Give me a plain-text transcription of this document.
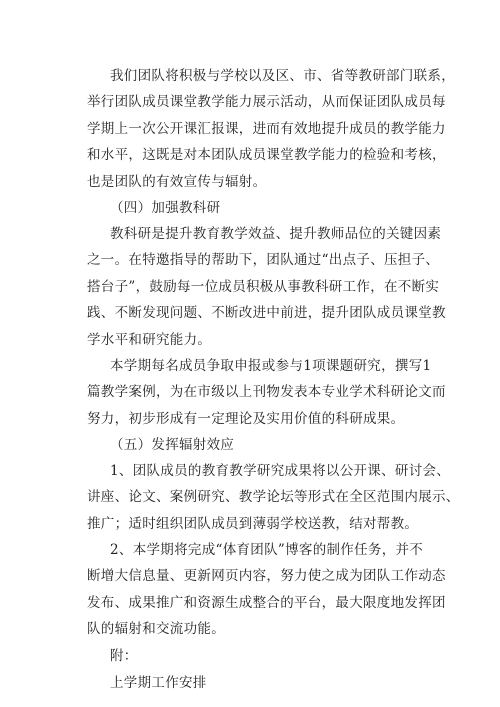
我们团队将积极与学校以及区、市、省等教研部门联系，
举行团队成员课堂教学能力展示活动，从而保证团队成员每
学期上一次公开课汇报课，进而有效地提升成员的教学能力
和水平，这既是对本团队成员课堂教学能力的检验和考核，
也是团队的有效宣传与辐射。
（四）加强教科研
教科研是提升教育教学效益、提升教师品位的关键因素
之一。在特邀指导的帮助下，团队通过“出点子、压担子、
搭台子”，鼓励每一位成员积极从事教科研工作，在不断实
践、不断发现问题、不断改进中前进，提升团队成员课堂教
学水平和研究能力。
本学期每名成员争取申报或参与1项课题研究，撰写1
篇教学案例，为在市级以上刊物发表本专业学术科研论文而
努力，初步形成有一定理论及实用价值的科研成果。
（五）发挥辐射效应
1、团队成员的教育教学研究成果将以公开课、研讨会、
讲座、论文、案例研究、教学论坛等形式在全区范围内展示、
推广；适时组织团队成员到薄弱学校送教，结对帮教。
2、本学期将完成“体育团队”博客的制作任务，并不
断增大信息量、更新网页内容，努力使之成为团队工作动态
发布、成果推广和资源生成整合的平台，最大限度地发挥团
队的辐射和交流功能。
附：
上学期工作安排
